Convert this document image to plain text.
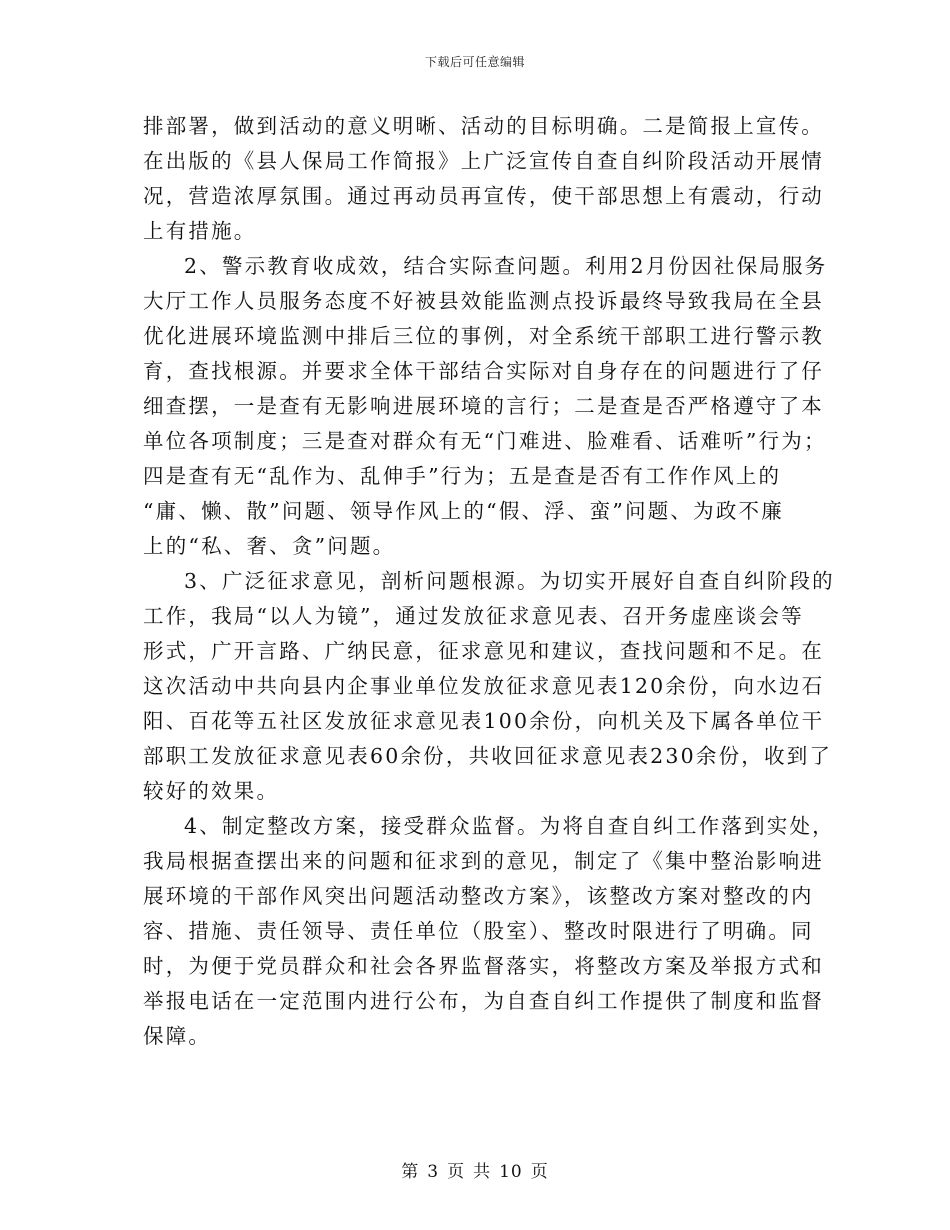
下载后可任意编辑
排部署，做到活动的意义明晰、活动的目标明确。二是简报上宣传。
在出版的《县人保局工作简报》上广泛宣传自查自纠阶段活动开展情
况，营造浓厚氛围。通过再动员再宣传，使干部思想上有震动，行动
上有措施。
2、警示教育收成效，结合实际查问题。利用2月份因社保局服务
大厅工作人员服务态度不好被县效能监测点投诉最终导致我局在全县
优化进展环境监测中排后三位的事例，对全系统干部职工进行警示教
育，查找根源。并要求全体干部结合实际对自身存在的问题进行了仔
细查摆，一是查有无影响进展环境的言行；二是查是否严格遵守了本
单位各项制度；三是查对群众有无“门难进、脸难看、话难听”行为；
四是查有无“乱作为、乱伸手”行为；五是查是否有工作作风上的
“庸、懒、散”问题、领导作风上的“假、浮、蛮”问题、为政不廉
上的“私、奢、贪”问题。
3、广泛征求意见，剖析问题根源。为切实开展好自查自纠阶段的
工作，我局“以人为镜”，通过发放征求意见表、召开务虚座谈会等
形式，广开言路、广纳民意，征求意见和建议，查找问题和不足。在
这次活动中共向县内企事业单位发放征求意见表120余份，向水边石
阳、百花等五社区发放征求意见表100余份，向机关及下属各单位干
部职工发放征求意见表60余份，共收回征求意见表230余份，收到了
较好的效果。
4、制定整改方案，接受群众监督。为将自查自纠工作落到实处，
我局根据查摆出来的问题和征求到的意见，制定了《集中整治影响进
展环境的干部作风突出问题活动整改方案》，该整改方案对整改的内
容、措施、责任领导、责任单位（股室）、整改时限进行了明确。同
时，为便于党员群众和社会各界监督落实，将整改方案及举报方式和
举报电话在一定范围内进行公布，为自查自纠工作提供了制度和监督
保障。
第 3 页 共 10 页
